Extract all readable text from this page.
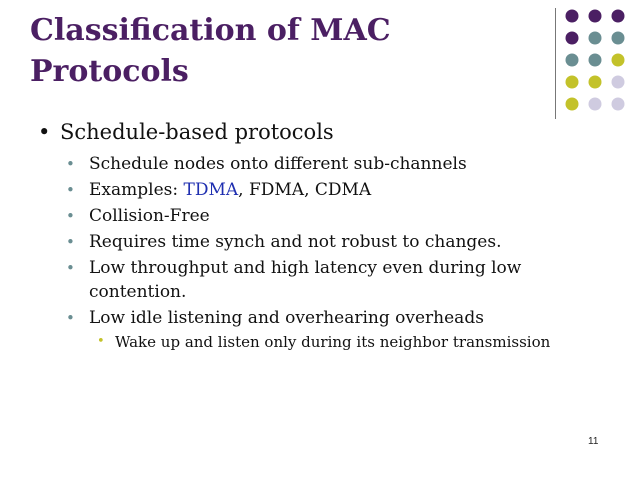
Classification of MAC
Protocols
• Schedule-based protocols
• Schedule nodes onto different sub-channels
• Examples: TDMA, FDMA, CDMA
• Collision-Free
• Requires time synch and not robust to changes.
• Low throughput and high latency even during low contention.
• Low idle listening and overhearing overheads
• Wake up and listen only during its neighbor transmission
11
